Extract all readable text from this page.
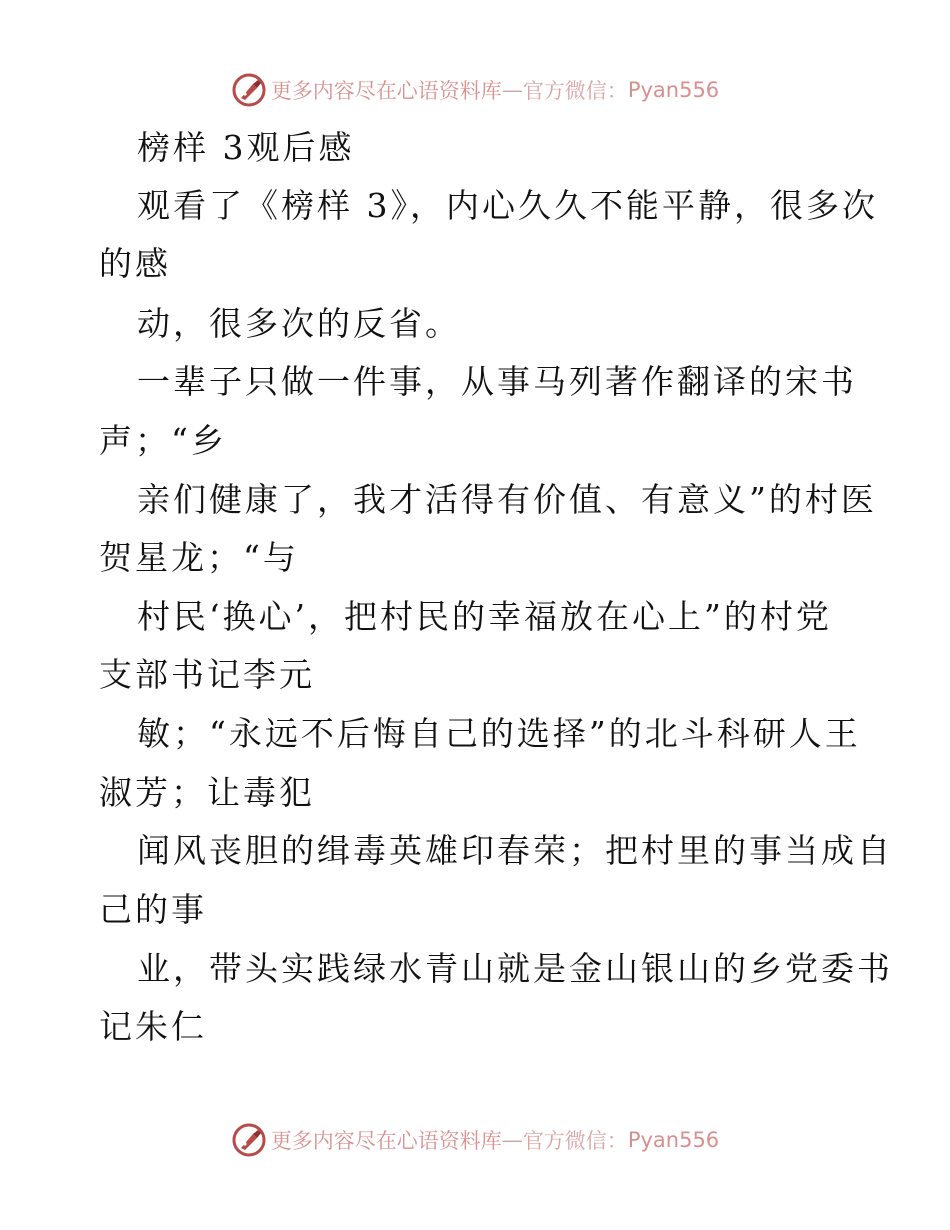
更多内容尽在心语资料库 — 官方微信： Pyan556
榜样 3观后感
观看了《榜样 3》，内心久久不能平静，很多次
的感
动，很多次的反省。
一辈子只做一件事，从事马列著作翻译的宋书
声；“乡
亲们健康了，我才活得有价值、有意义”的村医
贺星龙；“与
村民‘换心’，把村民的幸福放在心上”的村党
支部书记李元
敏；“永远不后悔自己的选择”的北斗科研人王
淑芳；让毒犯
闻风丧胆的缉毒英雄印春荣；把村里的事当成自
己的事
业，带头实践绿水青山就是金山银山的乡党委书
记朱仁
更多内容尽在心语资料库 — 官方微信： Pyan556
